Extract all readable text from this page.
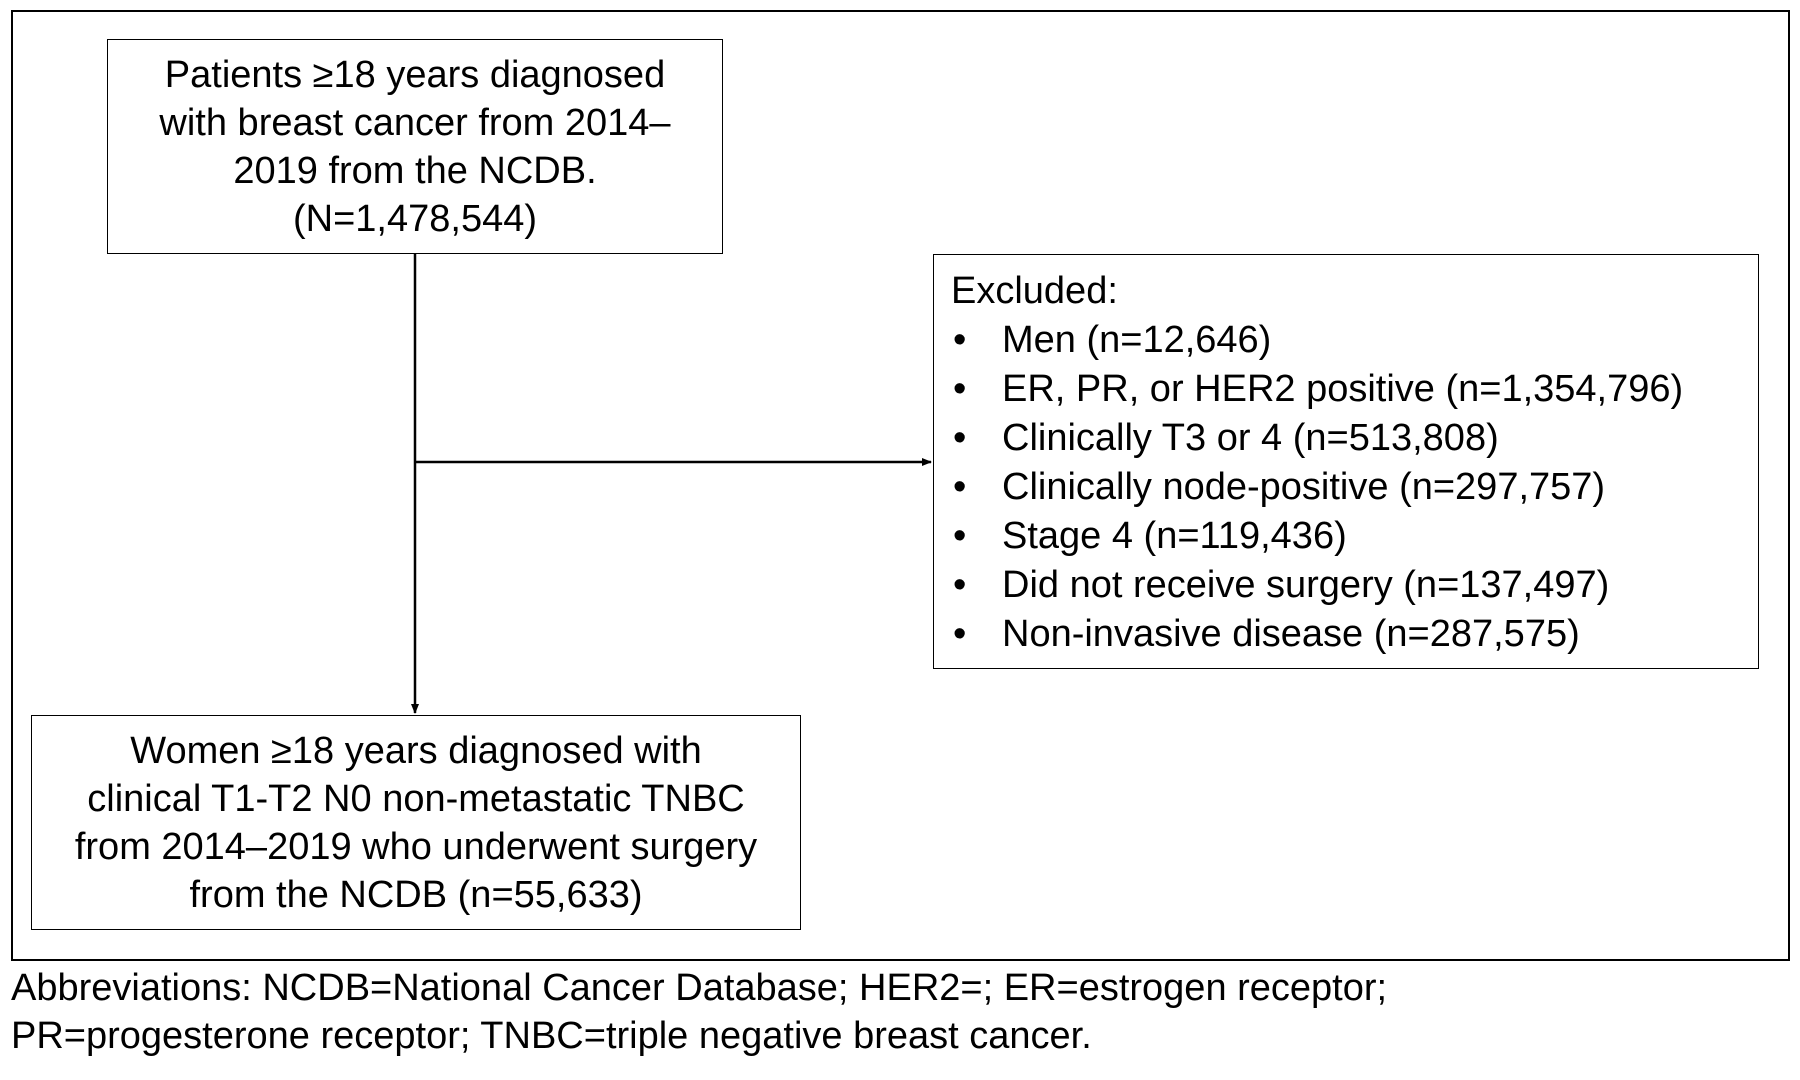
Patients ≥18 years diagnosed
with breast cancer from 2014–
2019 from the NCDB.
(N=1,478,544)
Excluded:
• Men (n=12,646)
• ER, PR, or HER2 positive (n=1,354,796)
• Clinically T3 or 4 (n=513,808)
• Clinically node-positive (n=297,757)
• Stage 4 (n=119,436)
• Did not receive surgery (n=137,497)
• Non-invasive disease (n=287,575)
Women ≥18 years diagnosed with
clinical T1-T2 N0 non-metastatic TNBC
from 2014–2019 who underwent surgery
from the NCDB (n=55,633)
Abbreviations: NCDB=National Cancer Database; HER2=; ER=estrogen receptor;
PR=progesterone receptor; TNBC=triple negative breast cancer.
